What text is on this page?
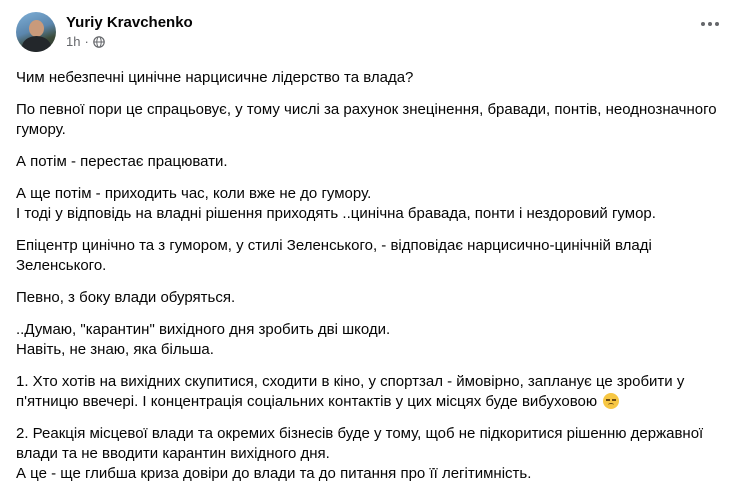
Yuriy Kravchenko
1h ·

Чим небезпечні цинічне нарцисичне лідерство та влада?

По певної пори це спрацьовує, у тому числі за рахунок знецінення, бравади, понтів, неоднозначного гумору.

А потім - перестає працювати.

А ще потім - приходить час, коли вже не до гумору.
І тоді у відповідь на владні рішення приходять ..цинічна бравада, понти і нездоровий гумор.

Епіцентр цинічно та з гумором, у стилі Зеленського, - відповідає нарцисично-цинічній владі Зеленського.

Певно, з боку влади обуряться.

..Думаю, "карантин" вихідного дня зробить дві шкоди.
Навіть, не знаю, яка більша.

1. Хто хотів на вихідних скупитися, сходити в кіно, у спортзал - ймовірно, запланує це зробити у п'ятницю ввечері. І концентрація соціальних контактів у цих місцях буде вибуховою

2. Реакція місцевої влади та окремих бізнесів буде у тому, щоб не підкоритися рішенню державної влади та не вводити карантин вихідного дня.
А це - ще глибша криза довіри до влади та до питання про її легітимність.
